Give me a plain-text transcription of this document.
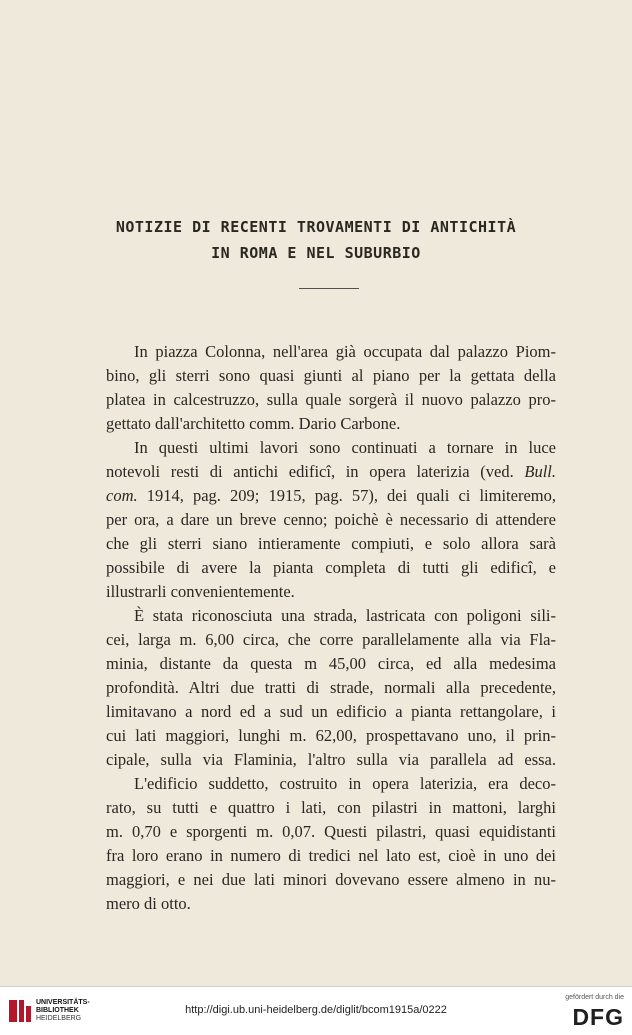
NOTIZIE DI RECENTI TROVAMENTI DI ANTICHITÀ
IN ROMA E NEL SUBURBIO
In piazza Colonna, nell'area già occupata dal palazzo Piom-
bino, gli sterri sono quasi giunti al piano per la gettata della
platea in calcestruzzo, sulla quale sorgerà il nuovo palazzo pro-
gettato dall'architetto comm. Dario Carbone.
In questi ultimi lavori sono continuati a tornare in luce
notevoli resti di antichi edificî, in opera laterizia (ved. Bull.
com. 1914, pag. 209; 1915, pag. 57), dei quali ci limiteremo,
per ora, a dare un breve cenno; poichè è necessario di attendere
che gli sterri siano intieramente compiuti, e solo allora sarà
possibile di avere la pianta completa di tutti gli edificî, e
illustrarli convenientemente.
È stata riconosciuta una strada, lastricata con poligoni sili-
cei, larga m. 6,00 circa, che corre parallelamente alla via Fla-
minia, distante da questa m 45,00 circa, ed alla medesima
profondità. Altri due tratti di strade, normali alla precedente,
limitavano a nord ed a sud un edificio a pianta rettangolare, i
cui lati maggiori, lunghi m. 62,00, prospettavano uno, il prin-
cipale, sulla via Flaminia, l'altro sulla via parallela ad essa.
L'edificio suddetto, costruito in opera laterizia, era deco-
rato, su tutti e quattro i lati, con pilastri in mattoni, larghi
m. 0,70 e sporgenti m. 0,07. Questi pilastri, quasi equidistanti
fra loro erano in numero di tredici nel lato est, cioè in uno dei
maggiori, e nei due lati minori dovevano essere almeno in nu-
mero di otto.
UNIVERSITÄTS-
BIBLIOTHEK
HEIDELBERG
http://digi.ub.uni-heidelberg.de/diglit/bcom1915a/0222
gefördert durch die
DFG
